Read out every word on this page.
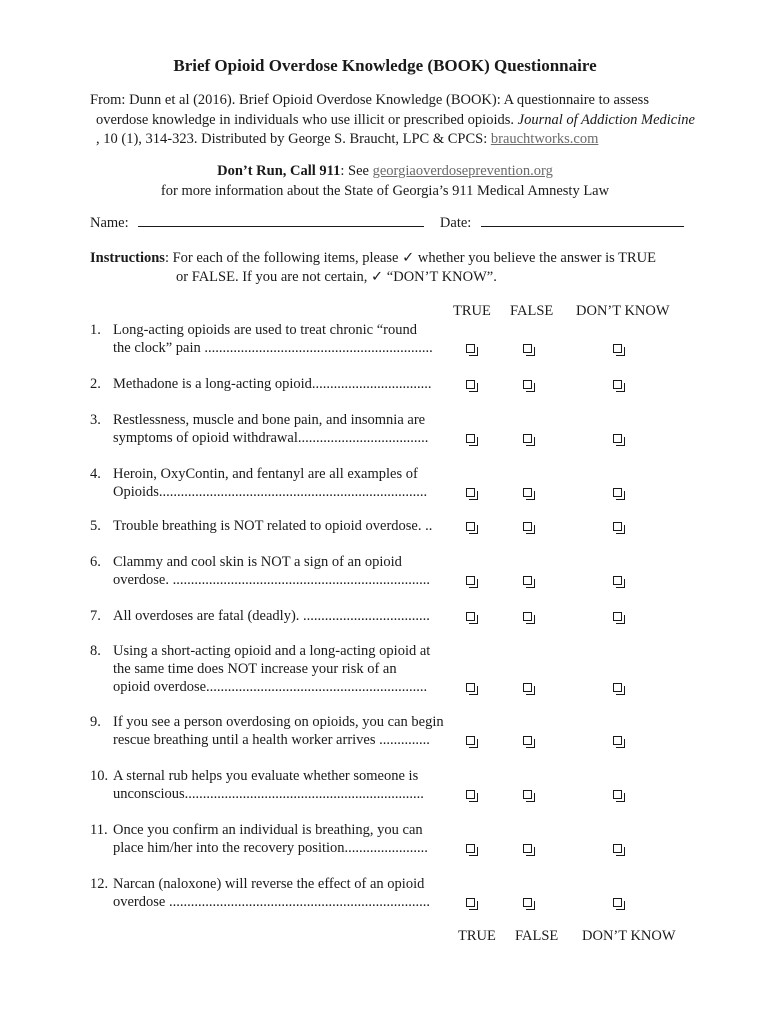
Brief Opioid Overdose Knowledge (BOOK) Questionnaire
From: Dunn et al (2016). Brief Opioid Overdose Knowledge (BOOK): A questionnaire to assess
overdose knowledge in individuals who use illicit or prescribed opioids. Journal of Addiction Medicine
, 10 (1), 314-323. Distributed by George S. Braucht, LPC & CPCS: brauchtworks.com
Don’t Run, Call 911: See georgiaoverdoseprevention.org
for more information about the State of Georgia’s 911 Medical Amnesty Law
Name:	Date:
Instructions: For each of the following items, please ✓ whether you believe the answer is TRUE
or FALSE. If you are not certain, ✓ “DON’T KNOW”.
TRUE FALSE DON’T KNOW
1. Long-acting opioids are used to treat chronic “round
the clock” pain ...............................................................
2. Methadone is a long-acting opioid.................................
3. Restlessness, muscle and bone pain, and insomnia are
symptoms of opioid withdrawal....................................
4. Heroin, OxyContin, and fentanyl are all examples of
Opioids..........................................................................
5. Trouble breathing is NOT related to opioid overdose. ..
6. Clammy and cool skin is NOT a sign of an opioid
overdose. .......................................................................
7. All overdoses are fatal (deadly). ...................................
8. Using a short-acting opioid and a long-acting opioid at
the same time does NOT increase your risk of an
opioid overdose.............................................................
9. If you see a person overdosing on opioids, you can begin
rescue breathing until a health worker arrives ..............
10. A sternal rub helps you evaluate whether someone is
unconscious..................................................................
11. Once you confirm an individual is breathing, you can
place him/her into the recovery position.......................
12. Narcan (naloxone) will reverse the effect of an opioid
overdose ........................................................................
TRUE FALSE DON’T KNOW
